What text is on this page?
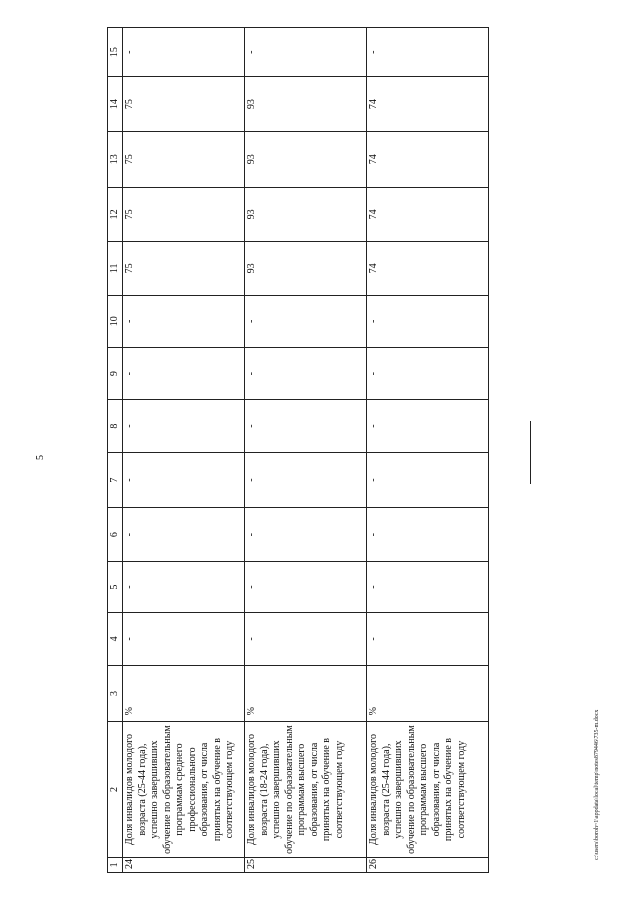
5
1	2	3	4	5	6	7	8	9	10	11	12	13	14	15
24	Доля инвалидов молодого возраста (25-44 года), успешно завершивших обучение по образовательным программам среднего профессионального образования, от числа принятых на обучение в соответствующем году	%	-	-	-	-	-	-	-	75	75	75	75	-
25	Доля инвалидов молодого возраста (18-24 года), успешно завершивших обучение по образовательным программам высшего образования, от числа принятых на обучение в соответствующем году	%	-	-	-	-	-	-	-	93	93	93	93	-
26	Доля инвалидов молодого возраста (25-44 года), успешно завершивших обучение по образовательным программам высшего образования, от числа принятых на обучение в соответствующем году	%	-	-	-	-	-	-	-	74	74	74	74	-
c:\users\boroh~1\appdata\local\temp\notes879446\735-m.docx
